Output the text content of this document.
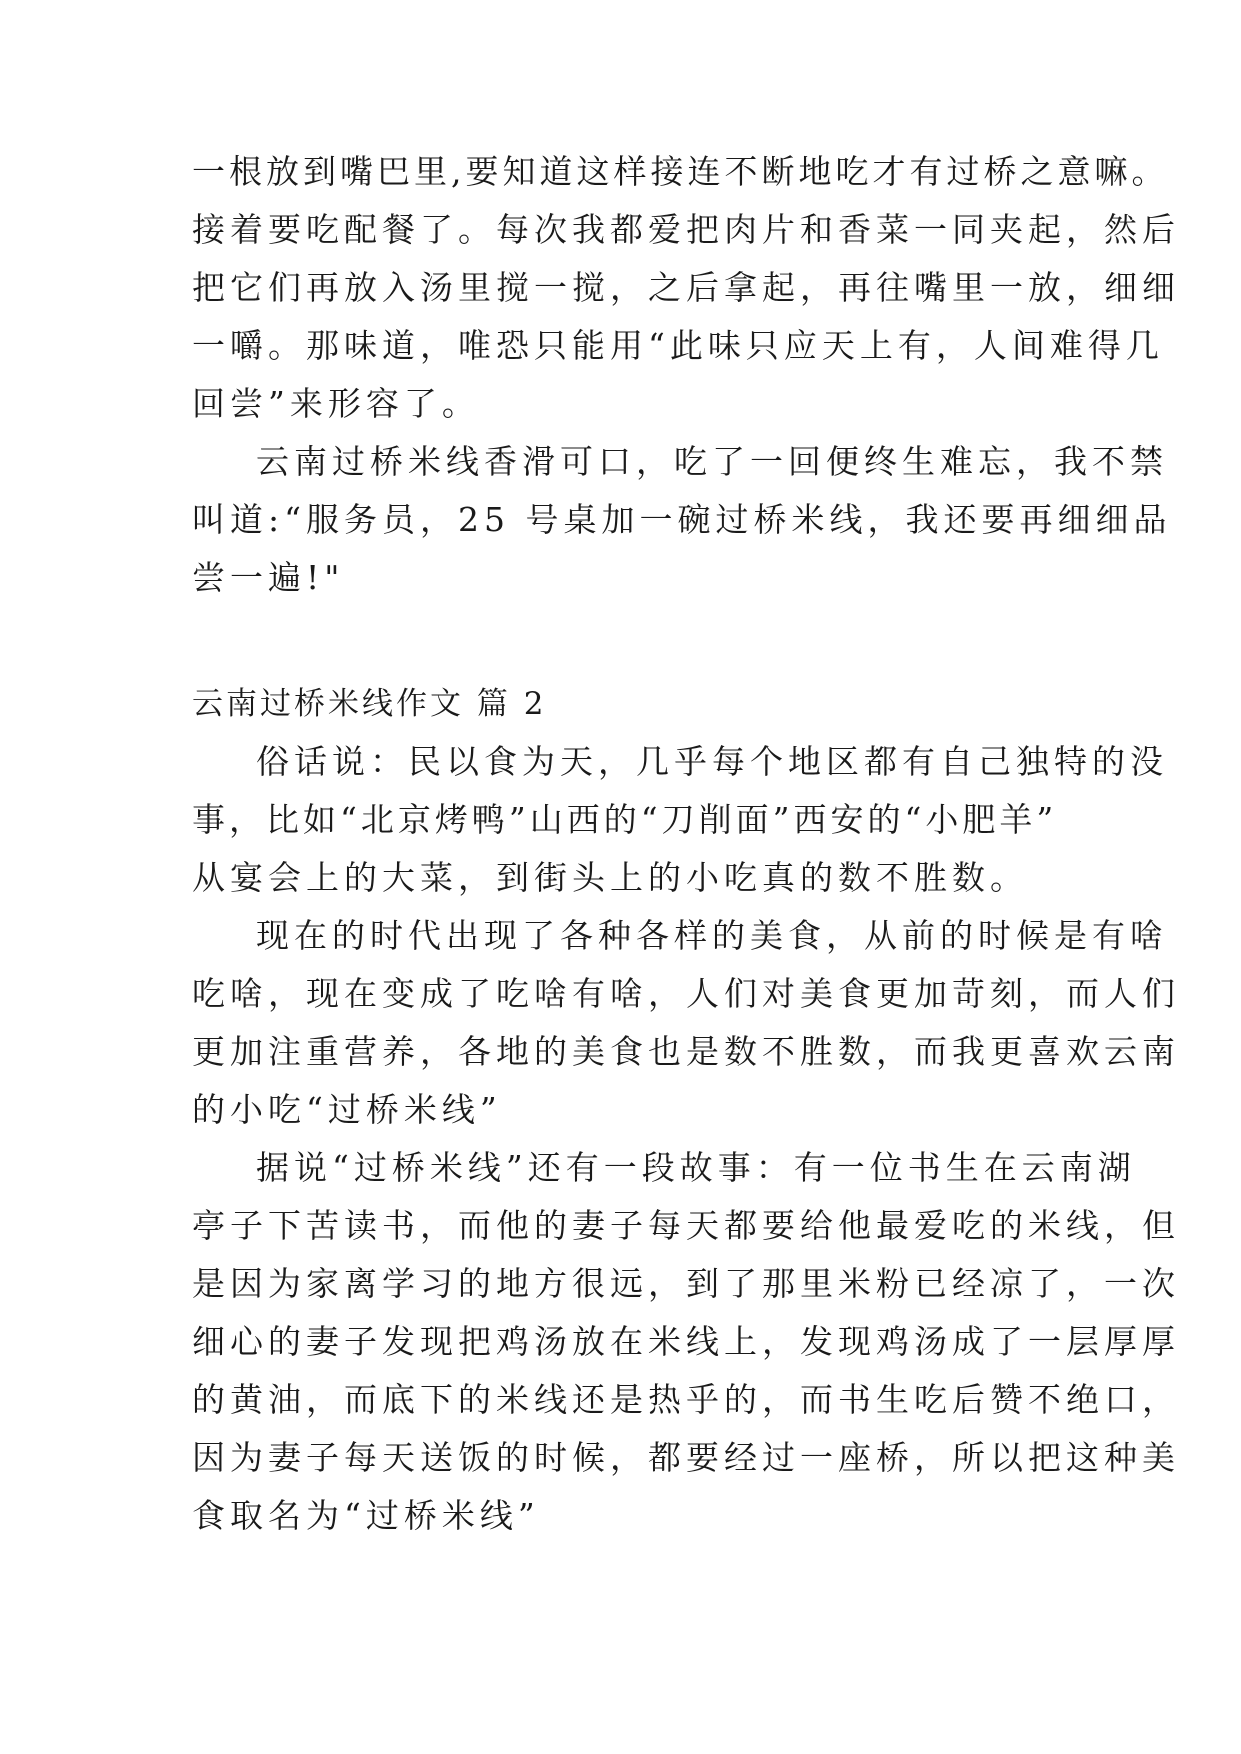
一根放到嘴巴里,要知道这样接连不断地吃才有过桥之意嘛。
接着要吃配餐了。每次我都爱把肉片和香菜一同夹起，然后
把它们再放入汤里搅一搅，之后拿起，再往嘴里一放，细细
一嚼。那味道，唯恐只能用“此味只应天上有，人间难得几
回尝”来形容了。
云南过桥米线香滑可口，吃了一回便终生难忘，我不禁
叫道:“服务员，25 号桌加一碗过桥米线，我还要再细细品
尝一遍!"
云南过桥米线作文 篇 2
俗话说：民以食为天，几乎每个地区都有自己独特的没
事，比如“北京烤鸭”山西的“刀削面”西安的“小肥羊”
从宴会上的大菜，到街头上的小吃真的数不胜数。
现在的时代出现了各种各样的美食，从前的时候是有啥
吃啥，现在变成了吃啥有啥，人们对美食更加苛刻，而人们
更加注重营养，各地的美食也是数不胜数，而我更喜欢云南
的小吃“过桥米线”
据说“过桥米线”还有一段故事：有一位书生在云南湖
亭子下苦读书，而他的妻子每天都要给他最爱吃的米线，但
是因为家离学习的地方很远，到了那里米粉已经凉了，一次
细心的妻子发现把鸡汤放在米线上，发现鸡汤成了一层厚厚
的黄油，而底下的米线还是热乎的，而书生吃后赞不绝口，
因为妻子每天送饭的时候，都要经过一座桥，所以把这种美
食取名为“过桥米线”
